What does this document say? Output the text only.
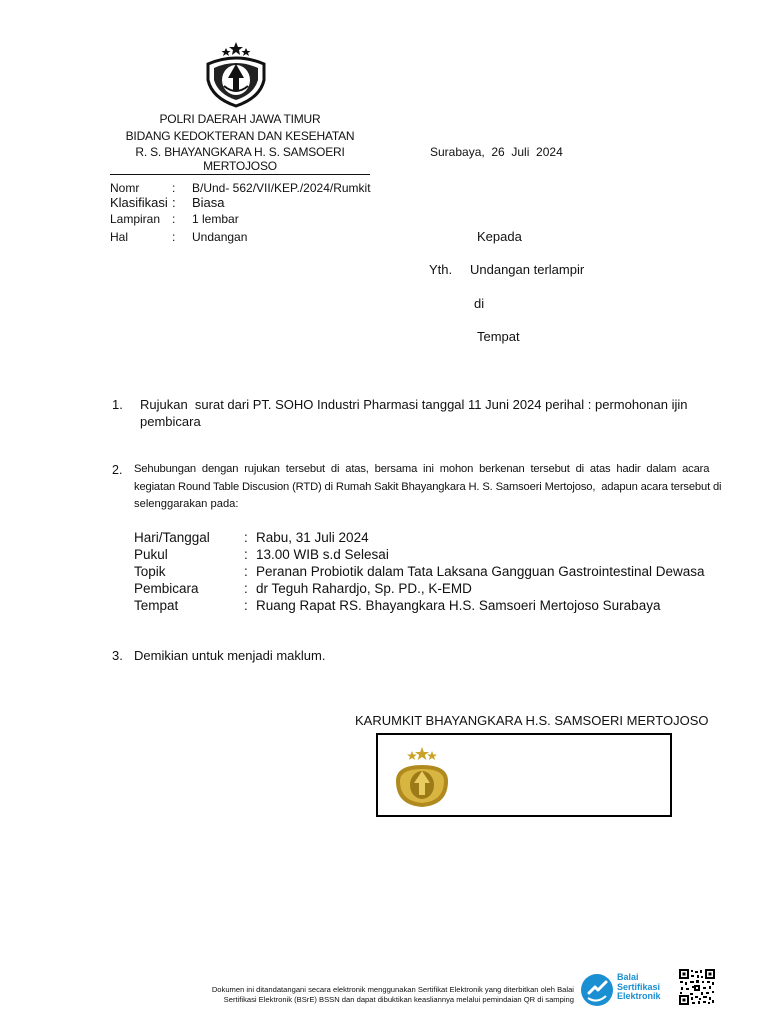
POLRI DAERAH JAWA TIMUR
BIDANG KEDOKTERAN DAN KESEHATAN
R. S. BHAYANGKARA H. S. SAMSOERI MERTOJOSO
Surabaya,  26  Juli  2024
Nomr	: B/Und- 562/VII/KEP./2024/Rumkit
Klasifikasi : Biasa
Lampiran : 1 lembar
Hal	: Undangan	Kepada
Yth. Undangan terlampir
di
Tempat
1. Rujukan  surat dari PT. SOHO Industri Pharmasi tanggal 11 Juni 2024 perihal : permohonan ijin
pembicara
2. Sehubungan  dengan  rujukan  tersebut  di  atas,  bersama  ini  mohon  berkenan  tersebut  di  atas  hadir  dalam  acara
kegiatan Round Table Discusion (RTD) di Rumah Sakit Bhayangkara H. S. Samsoeri Mertojoso,  adapun acara tersebut di
selenggarakan pada:
Hari/Tanggal	: Rabu, 31 Juli 2024
Pukul	: 13.00 WIB s.d Selesai
Topik	: Peranan Probiotik dalam Tata Laksana Gangguan Gastrointestinal Dewasa
Pembicara	: dr Teguh Rahardjo, Sp. PD., K-EMD
Tempat	: Ruang Rapat RS. Bhayangkara H.S. Samsoeri Mertojoso Surabaya
3. Demikian untuk menjadi maklum.
KARUMKIT BHAYANGKARA H.S. SAMSOERI MERTOJOSO
Dokumen ini ditandatangani secara elektronik menggunakan Sertifikat Elektronik yang diterbitkan oleh Balai
Sertifikasi Elektronik (BSrE) BSSN dan dapat dibuktikan keasliannya melalui pemindaian QR di samping
Balai
Sertifikasi
Elektronik
